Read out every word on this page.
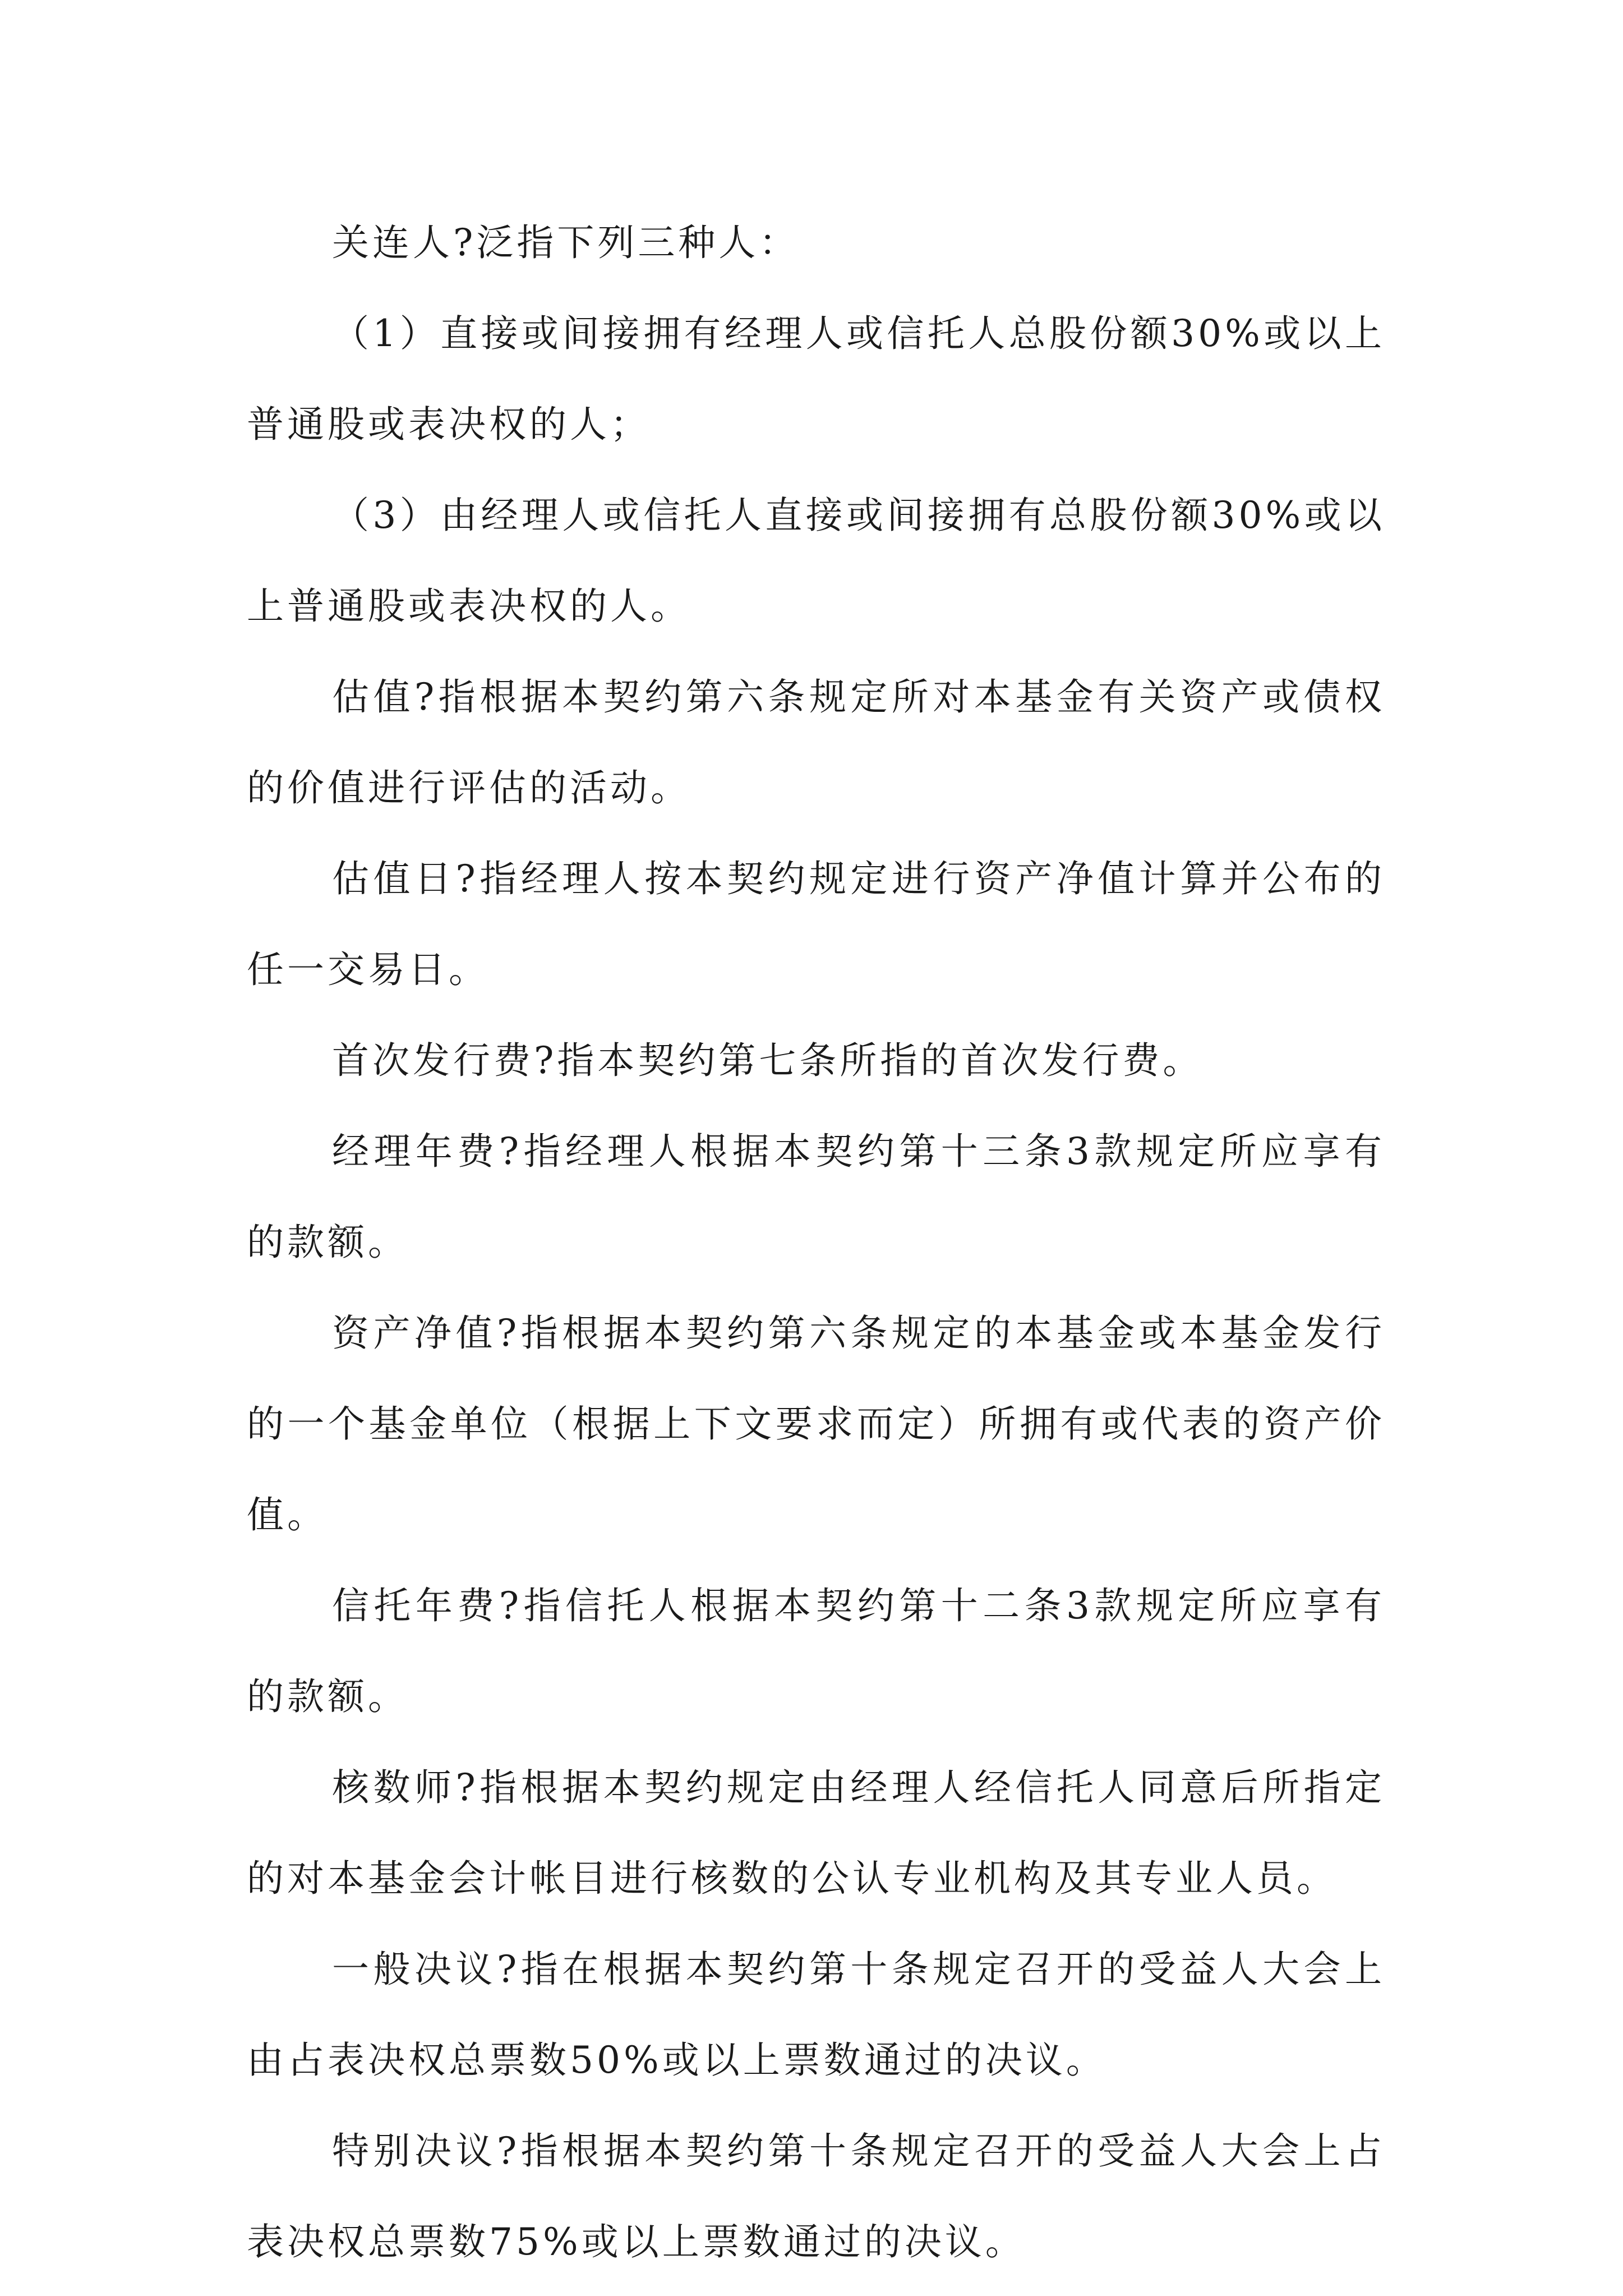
关连人?泛指下列三种人：

（1）直接或间接拥有经理人或信托人总股份额30%或以上普通股或表决权的人；

（3）由经理人或信托人直接或间接拥有总股份额30%或以上普通股或表决权的人。

估值?指根据本契约第六条规定所对本基金有关资产或债权的价值进行评估的活动。

估值日?指经理人按本契约规定进行资产净值计算并公布的任一交易日。

首次发行费?指本契约第七条所指的首次发行费。

经理年费?指经理人根据本契约第十三条3款规定所应享有的款额。

资产净值?指根据本契约第六条规定的本基金或本基金发行的一个基金单位（根据上下文要求而定）所拥有或代表的资产价值。

信托年费?指信托人根据本契约第十二条3款规定所应享有的款额。

核数师?指根据本契约规定由经理人经信托人同意后所指定的对本基金会计帐目进行核数的公认专业机构及其专业人员。

一般决议?指在根据本契约第十条规定召开的受益人大会上由占表决权总票数50%或以上票数通过的决议。

特别决议?指根据本契约第十条规定召开的受益人大会上占表决权总票数75%或以上票数通过的决议。
